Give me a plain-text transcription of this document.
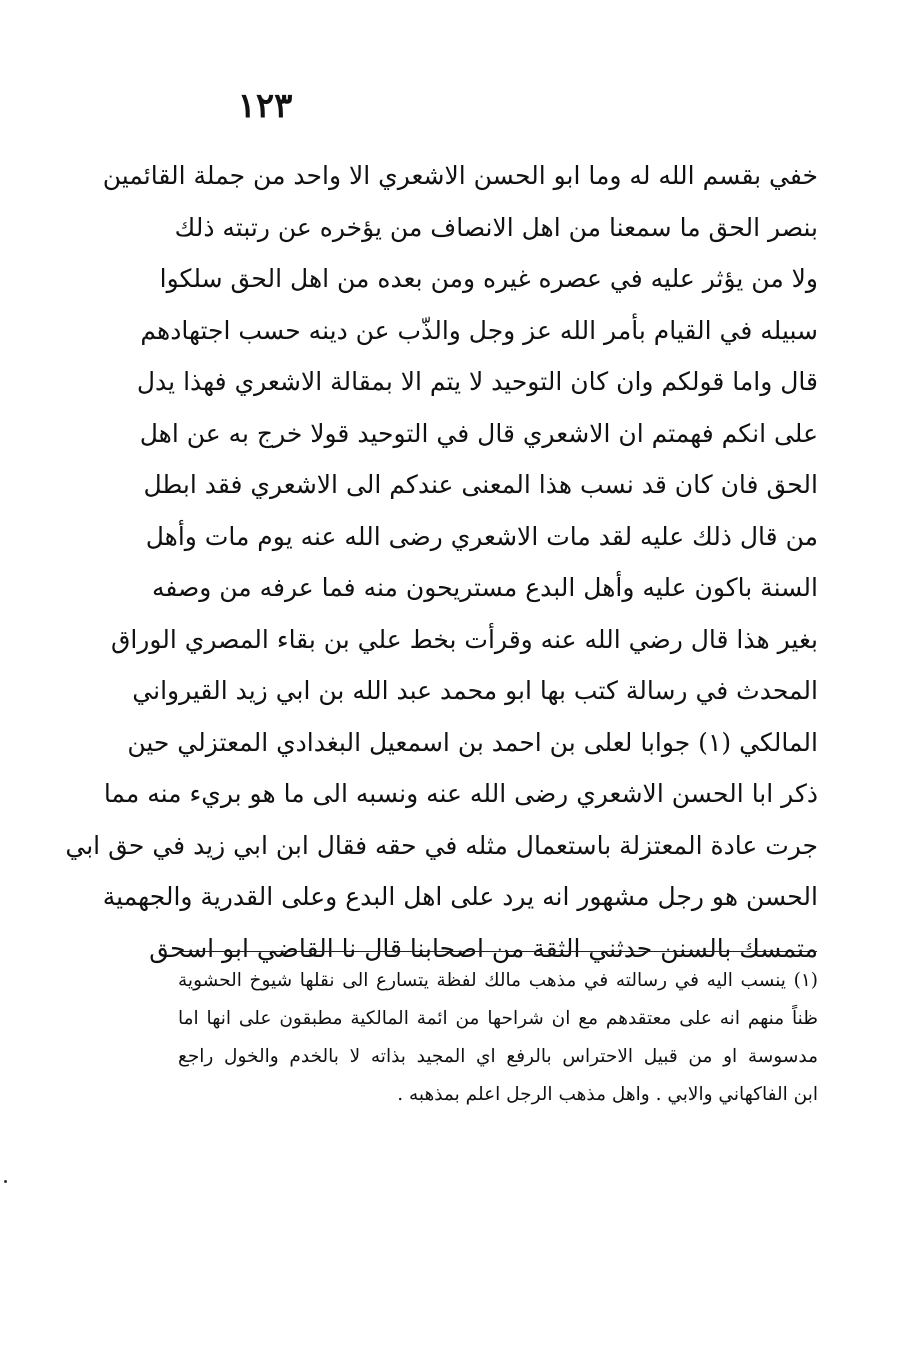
١٢٣
خفي بقسم الله له وما ابو الحسن الاشعري الا واحد من جملة القائمين
بنصر الحق ما سمعنا من اهل الانصاف من يؤخره عن رتبته ذلك
ولا من يؤثر عليه في عصره غيره ومن بعده من اهل الحق سلكوا
سبيله في القيام بأمر الله عز وجل والذّب عن دينه حسب اجتهادهم
قال واما قولكم وان كان التوحيد لا يتم الا بمقالة الاشعري فهذا يدل
على انكم فهمتم ان الاشعري قال في التوحيد قولا خرج به عن اهل
الحق فان كان قد نسب هذا المعنى عندكم الى الاشعري فقد ابطل
من قال ذلك عليه لقد مات الاشعري رضى الله عنه يوم مات وأهل
السنة باكون عليه وأهل البدع مستريحون منه فما عرفه من وصفه
بغير هذا قال رضي الله عنه وقرأت بخط علي بن بقاء المصري الوراق
المحدث في رسالة كتب بها ابو محمد عبد الله بن ابي زيد القيرواني
المالكي (١) جوابا لعلى بن احمد بن اسمعيل البغدادي المعتزلي حين
ذكر ابا الحسن الاشعري رضى الله عنه ونسبه الى ما هو بريء منه مما
جرت عادة المعتزلة باستعمال مثله في حقه فقال ابن ابي زيد في حق ابي
الحسن هو رجل مشهور انه يرد على اهل البدع وعلى القدرية والجهمية
متمسك بالسنن حدثني الثقة من اصحابنا قال نا القاضي ابو اسحق
(١) ينسب اليه في رسالته في مذهب مالك لفظة يتسارع الى نقلها شيوخ الحشوية
ظناً منهم انه على معتقدهم مع ان شراحها من ائمة المالكية مطبقون على انها اما
مدسوسة او من قبيل الاحتراس بالرفع اي المجيد بذاته لا بالخدم والخول راجع
ابن الفاكهاني والابي . واهل مذهب الرجل اعلم بمذهبه .
